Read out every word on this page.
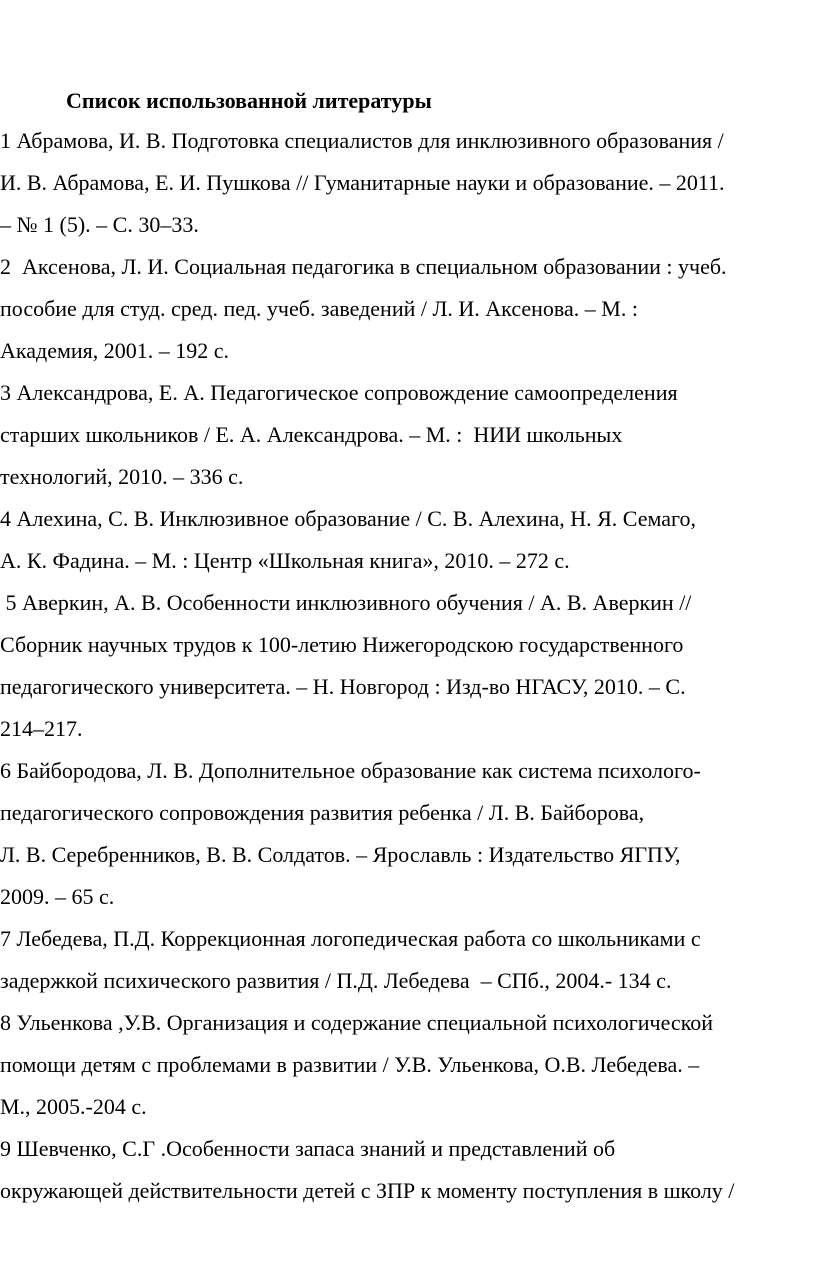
Список использованной литературы
1 Абрамова, И. В. Подготовка специалистов для инклюзивного образования /
И. В. Абрамова, Е. И. Пушкова // Гуманитарные науки и образование. – 2011.
– № 1 (5). – С. 30–33.
2  Аксенова, Л. И. Социальная педагогика в специальном образовании : учеб.
пособие для студ. сред. пед. учеб. заведений / Л. И. Аксенова. – М. :
Академия, 2001. – 192 с.
3 Александрова, Е. А. Педагогическое сопровождение самоопределения
старших школьников / Е. А. Александрова. – М. :  НИИ школьных
технологий, 2010. – 336 с.
4 Алехина, С. В. Инклюзивное образование / С. В. Алехина, Н. Я. Семаго,
А. К. Фадина. – М. : Центр «Школьная книга», 2010. – 272 с.
5 Аверкин, А. В. Особенности инклюзивного обучения / А. В. Аверкин //
Сборник научных трудов к 100-летию Нижегородскою государственного
педагогического университета. – Н. Новгород : Изд-во НГАСУ, 2010. – С.
214–217.
6 Байбородова, Л. В. Дополнительное образование как система психолого-
педагогического сопровождения развития ребенка / Л. В. Байборова,
Л. В. Серебренников, В. В. Солдатов. – Ярославль : Издательство ЯГПУ,
2009. – 65 с.
7 Лебедева, П.Д. Коррекционная логопедическая работа со школьниками с
задержкой психического развития / П.Д. Лебедева  – СПб., 2004.- 134 с.
8 Ульенкова ,У.В. Организация и содержание специальной психологической
помощи детям с проблемами в развитии / У.В. Ульенкова, О.В. Лебедева. –
М., 2005.-204 с.
9 Шевченко, С.Г .Особенности запаса знаний и представлений об
окружающей действительности детей с ЗПР к моменту поступления в школу /
